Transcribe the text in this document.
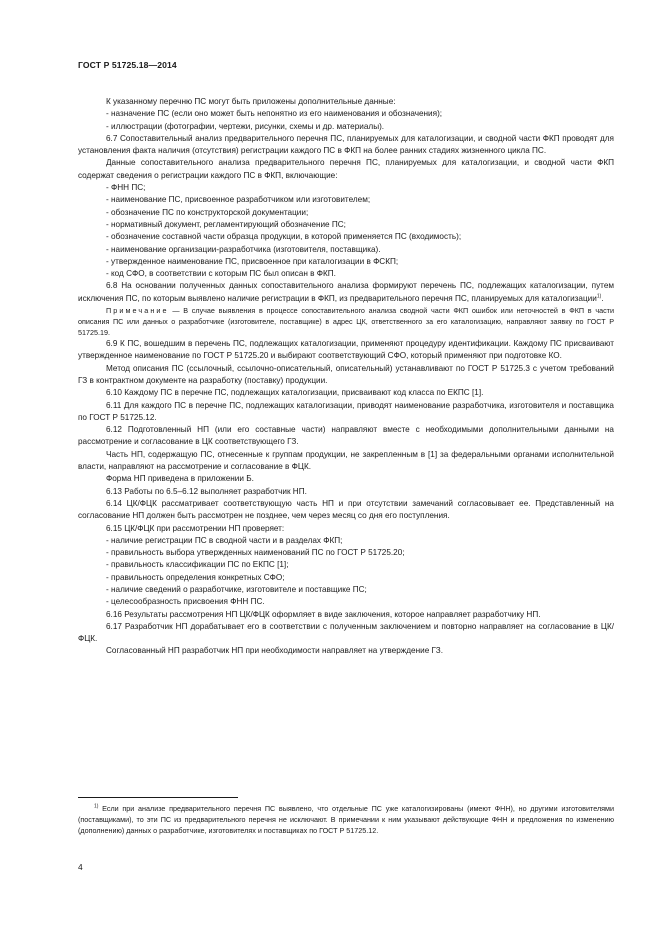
ГОСТ Р 51725.18—2014

К указанному перечню ПС могут быть приложены дополнительные данные:

- назначение ПС (если оно может быть непонятно из его наименования и обозначения);

- иллюстрации (фотографии, чертежи, рисунки, схемы и др. материалы).

6.7 Сопоставительный анализ предварительного перечня ПС, планируемых для каталогизации, и сводной части ФКП проводят для установления факта наличия (отсутствия) регистрации каждого ПС в ФКП на более ранних стадиях жизненного цикла ПС.

Данные сопоставительного анализа предварительного перечня ПС, планируемых для каталогизации, и сводной части ФКП содержат сведения о регистрации каждого ПС в ФКП, включающие:

- ФНН ПС;

- наименование ПС, присвоенное разработчиком или изготовителем;

- обозначение ПС по конструкторской документации;

- нормативный документ, регламентирующий обозначение ПС;

- обозначение составной части образца продукции, в которой применяется ПС (входимость);

- наименование организации-разработчика (изготовителя, поставщика).

- утвержденное наименование ПС, присвоенное при каталогизации в ФСКП;

- код СФО, в соответствии с которым ПС был описан в ФКП.

6.8 На основании полученных данных сопоставительного анализа формируют перечень ПС, подлежащих каталогизации, путем исключения ПС, по которым выявлено наличие регистрации в ФКП, из предварительного перечня ПС, планируемых для каталогизации$^{1)}$.

Примечание — В случае выявления в процессе сопоставительного анализа сводной части ФКП ошибок или неточностей в ФКП в части описания ПС или данных о разработчике (изготовителе, поставщике) в адрес ЦК, ответственного за его каталогизацию, направляют заявку по ГОСТ Р 51725.19.

6.9 К ПС, вошедшим в перечень ПС, подлежащих каталогизации, применяют процедуру идентификации. Каждому ПС присваивают утвержденное наименование по ГОСТ Р 51725.20 и выбирают соответствующий СФО, который применяют при подготовке КО.

Метод описания ПС (ссылочный, ссылочно-описательный, описательный) устанавливают по ГОСТ Р 51725.3 с учетом требований ГЗ в контрактном документе на разработку (поставку) продукции.

6.10 Каждому ПС в перечне ПС, подлежащих каталогизации, присваивают код класса по ЕКПС [1].

6.11 Для каждого ПС в перечне ПС, подлежащих каталогизации, приводят наименование разработчика, изготовителя и поставщика по ГОСТ Р 51725.12.

6.12 Подготовленный НП (или его составные части) направляют вместе с необходимыми дополнительными данными на рассмотрение и согласование в ЦК соответствующего ГЗ.

Часть НП, содержащую ПС, отнесенные к группам продукции, не закрепленным в [1] за федеральными органами исполнительной власти, направляют на рассмотрение и согласование в ФЦК.

Форма НП приведена в приложении Б.

6.13 Работы по 6.5–6.12 выполняет разработчик НП.

6.14 ЦК/ФЦК рассматривает соответствующую часть НП и при отсутствии замечаний согласовывает ее. Представленный на согласование НП должен быть рассмотрен не позднее, чем через месяц со дня его поступления.

6.15 ЦК/ФЦК при рассмотрении НП проверяет:

- наличие регистрации ПС в сводной части и в разделах ФКП;

- правильность выбора утвержденных наименований ПС по ГОСТ Р 51725.20;

- правильность классификации ПС по ЕКПС [1];

- правильность определения конкретных СФО;

- наличие сведений о разработчике, изготовителе и поставщике ПС;

- целесообразность присвоения ФНН ПС.

6.16 Результаты рассмотрения НП ЦК/ФЦК оформляет в виде заключения, которое направляет разработчику НП.

6.17 Разработчик НП дорабатывает его в соответствии с полученным заключением и повторно направляет на согласование в ЦК/ФЦК.

Согласованный НП разработчик НП при необходимости направляет на утверждение ГЗ.

$^{1)}$ Если при анализе предварительного перечня ПС выявлено, что отдельные ПС уже каталогизированы (имеют ФНН), но другими изготовителями (поставщиками), то эти ПС из предварительного перечня не исключают. В примечании к ним указывают действующие ФНН и предложения по изменению (дополнению) данных о разработчике, изготовителях и поставщиках по ГОСТ Р 51725.12.

4
